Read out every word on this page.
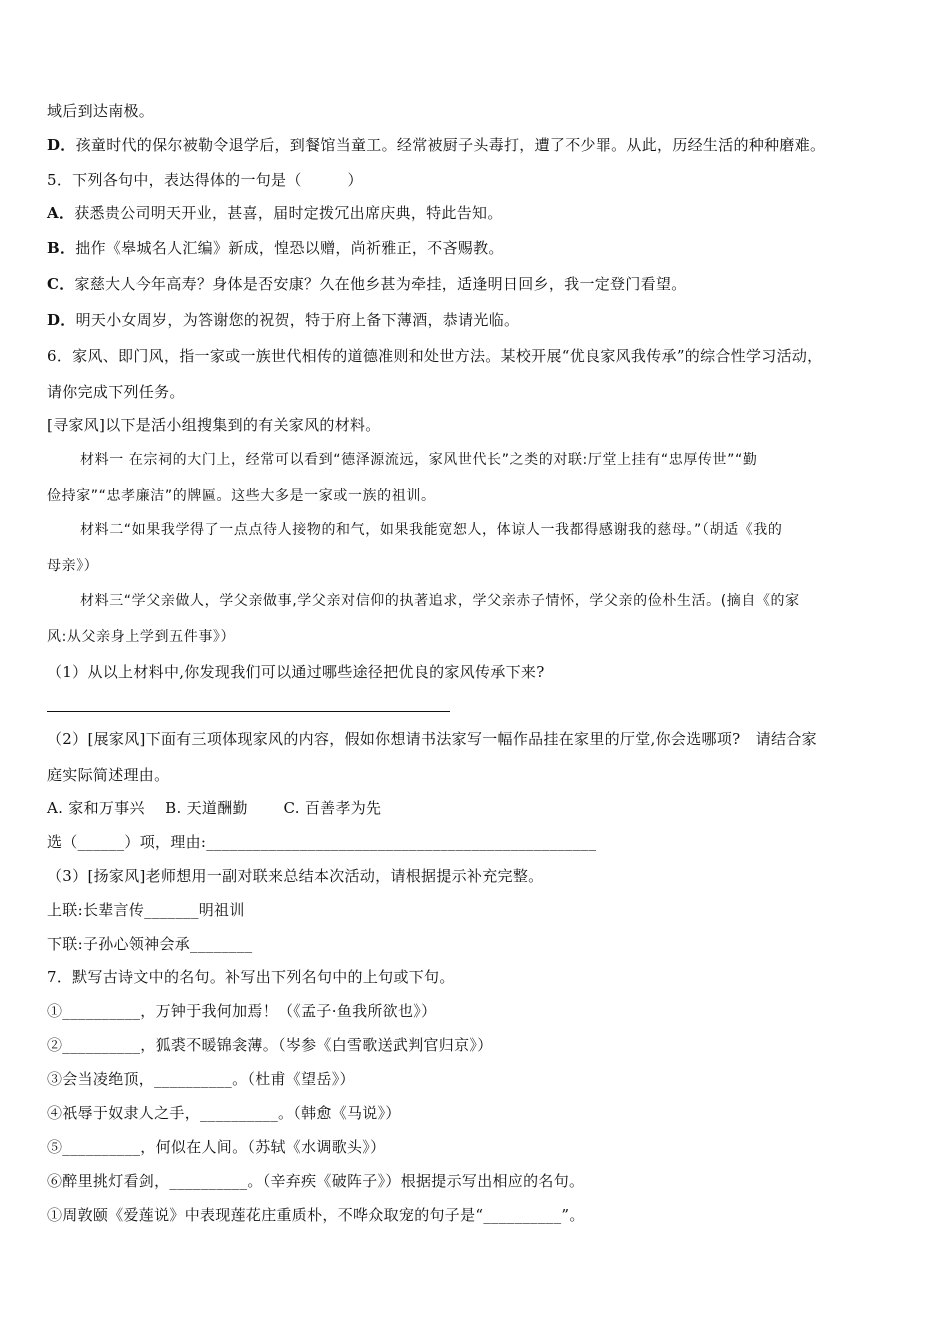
域后到达南极。
D．孩童时代的保尔被勒令退学后，到餐馆当童工。经常被厨子头毒打，遭了不少罪。从此，历经生活的种种磨难。
5．下列各句中，表达得体的一句是（　　　）
A．获悉贵公司明天开业，甚喜，届时定拨冗出席庆典，特此告知。
B．拙作《皋城名人汇编》新成，惶恐以赠，尚祈雅正，不吝赐教。
C．家慈大人今年高寿？身体是否安康？久在他乡甚为牵挂，适逢明日回乡，我一定登门看望。
D．明天小女周岁，为答谢您的祝贺，特于府上备下薄酒，恭请光临。
6．家风、即门风，指一家或一族世代相传的道德准则和处世方法。某校开展“优良家风我传承”的综合性学习活动，
请你完成下列任务。
[寻家风]以下是活小组搜集到的有关家风的材料。
材料一 在宗祠的大门上，经常可以看到“德泽源流远，家风世代长”之类的对联:厅堂上挂有“忠厚传世”“勤
俭持家”“忠孝廉洁”的牌匾。这些大多是一家或一族的祖训。
材料二“如果我学得了一点点待人接物的和气，如果我能宽恕人，体谅人一我都得感谢我的慈母。”（胡适《我的
母亲》）
材料三“学父亲做人，学父亲做事,学父亲对信仰的执著追求，学父亲赤子情怀，学父亲的俭朴生活。(摘自《的家
风:从父亲身上学到五件事》）
（1）从以上材料中,你发现我们可以通过哪些途径把优良的家风传承下来?
（2）[展家风]下面有三项体现家风的内容，假如你想请书法家写一幅作品挂在家里的厅堂,你会选哪项?　请结合家
庭实际简述理由。
A. 家和万事兴　 B. 天道酬勤　　 C. 百善孝为先
选（______）项，理由:__________________________________________________
（3）[扬家风]老师想用一副对联来总结本次活动，请根据提示补充完整。
上联:长辈言传_______明祖训
下联:子孙心领神会承________
7．默写古诗文中的名句。补写出下列名句中的上句或下句。
①__________，万钟于我何加焉！（《孟子·鱼我所欲也》）
②__________，狐裘不暖锦衾薄。（岑参《白雪歌送武判官归京》）
③会当凌绝顶，__________。（杜甫《望岳》）
④祇辱于奴隶人之手，__________。（韩愈《马说》）
⑤__________，何似在人间。（苏轼《水调歌头》）
⑥醉里挑灯看剑，__________。（辛弃疾《破阵子》）根据提示写出相应的名句。
①周敦颐《爱莲说》中表现莲花庄重质朴，不哗众取宠的句子是“__________”。
